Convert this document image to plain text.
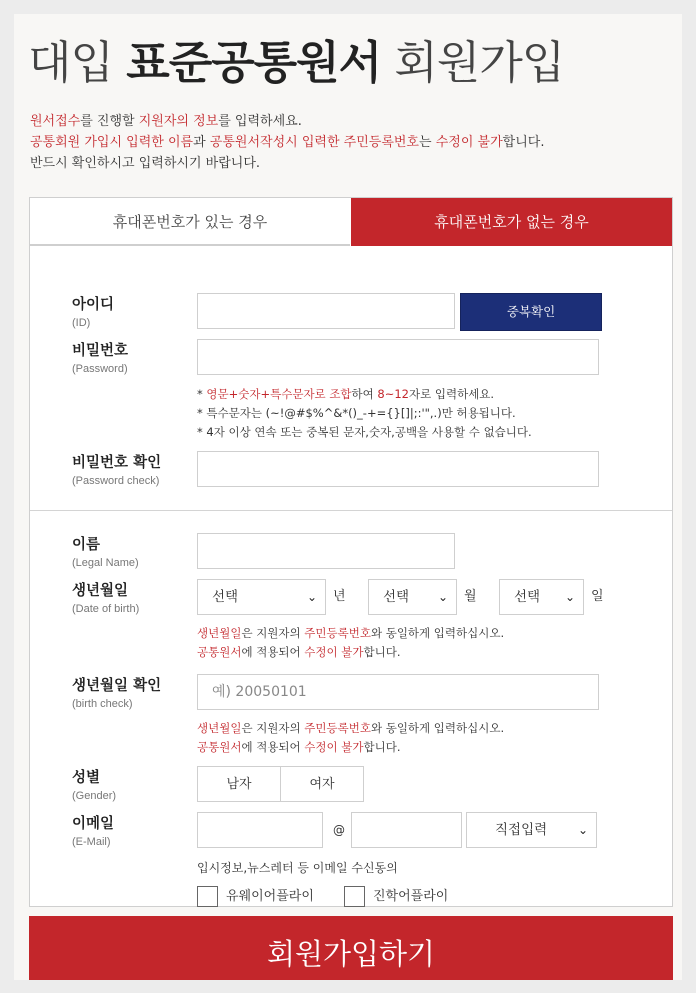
대입 표준공통원서 회원가입
원서접수를 진행할 지원자의 정보를 입력하세요.
공통회원 가입시 입력한 이름과 공통원서작성시 입력한 주민등록번호는 수정이 불가합니다.
반드시 확인하시고 입력하시기 바랍니다.
휴대폰번호가 있는 경우	휴대폰번호가 없는 경우
아이디
(ID)
중복확인
비밀번호
(Password)
* 영문+숫자+특수문자로 조합하여 8~12자로 입력하세요.
* 특수문자는 (~!@#$%^&*()_-+={}[]|;:'",.)만 허용됩니다.
* 4자 이상 연속 또는 중복된 문자,숫자,공백을 사용할 수 없습니다.
비밀번호 확인
(Password check)
이름
(Legal Name)
생년월일
(Date of birth)
선택	⌄ 년	선택 ⌄ 월	선택 ⌄ 일
생년월일은 지원자의 주민등록번호와 동일하게 입력하십시오.
공통원서에 적용되어 수정이 불가합니다.
생년월일 확인
(birth check)
예) 20050101
생년월일은 지원자의 주민등록번호와 동일하게 입력하십시오.
공통원서에 적용되어 수정이 불가합니다.
성별
(Gender)
남자	여자
이메일
(E-Mail)
@	직접입력	⌄
입시정보,뉴스레터 등 이메일 수신동의
유웨이어플라이	진학어플라이
회원가입하기
